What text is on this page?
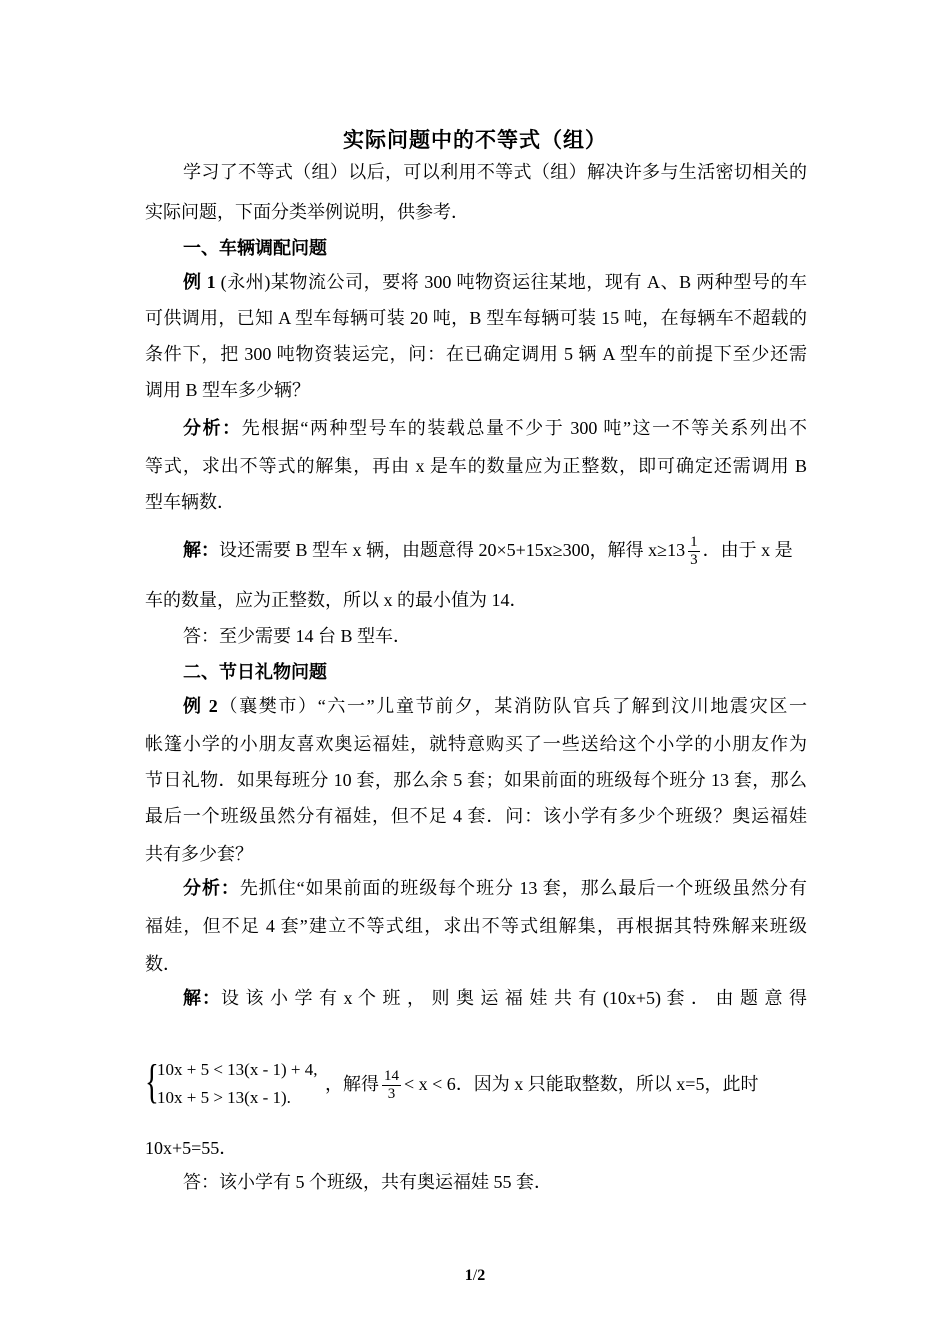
实际问题中的不等式（组）
学习了不等式（组）以后，可以利用不等式（组）解决许多与生活密切相关的
实际问题，下面分类举例说明，供参考．
一、车辆调配问题
例 1 (永州)某物流公司，要将 300 吨物资运往某地，现有 A、B 两种型号的车
可供调用，已知 A 型车每辆可装 20 吨，B 型车每辆可装 15 吨，在每辆车不超载的
条件下，把 300 吨物资装运完，问：在已确定调用 5 辆 A 型车的前提下至少还需
调用 B 型车多少辆？
分析：先根据“两种型号车的装载总量不少于 300 吨”这一不等关系列出不
等式，求出不等式的解集，再由 x 是车的数量应为正整数，即可确定还需调用 B
型车辆数．
解：设还需要 B 型车 x 辆，由题意得 20×5+15x≥300，解得 $x\ge 13 \frac{1}{3}$ ．由于 x 是
车的数量，应为正整数，所以 x 的最小值为 14．
答：至少需要 14 台 B 型车．
二、节日礼物问题
例 2（襄樊市）“六一”儿童节前夕，某消防队官兵了解到汶川地震灾区一
帐篷小学的小朋友喜欢奥运福娃，就特意购买了一些送给这个小学的小朋友作为
节日礼物．如果每班分 10 套，那么余 5 套；如果前面的班级每个班分 13 套，那么
最后一个班级虽然分有福娃，但不足 4 套．问：该小学有多少个班级？奥运福娃
共有多少套？
分析：先抓住“如果前面的班级每个班分 13 套，那么最后一个班级虽然分有
福娃，但不足 4 套”建立不等式组，求出不等式组解集，再根据其特殊解来班级
数．
解：设 该 小 学 有 x 个 班 ， 则 奥 运 福 娃 共 有 (10x+5) 套 ． 由 题 意 得
{
10x + 5 < 13(x - 1) + 4,
10x + 5 > 13(x - 1).
，解得 $\frac{14}{3} < x < 6$．因为 x 只能取整数，所以 x=5，此时
10x+5=55．
答：该小学有 5 个班级，共有奥运福娃 55 套．
1/2
